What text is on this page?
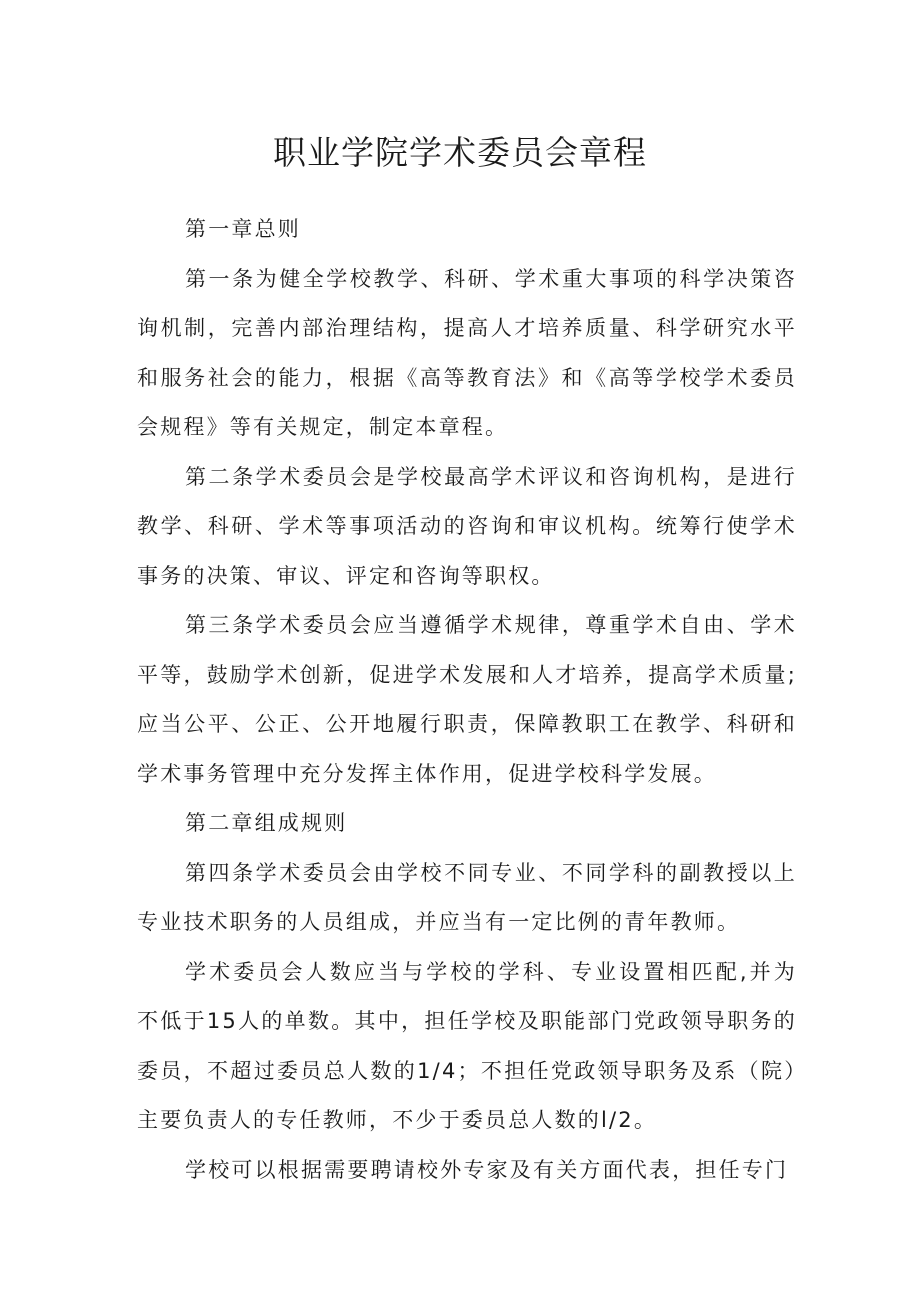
职业学院学术委员会章程

第一章总则

第一条为健全学校教学、科研、学术重大事项的科学决策咨询机制，完善内部治理结构，提高人才培养质量、科学研究水平和服务社会的能力，根据《高等教育法》和《高等学校学术委员会规程》等有关规定，制定本章程。

第二条学术委员会是学校最高学术评议和咨询机构，是进行教学、科研、学术等事项活动的咨询和审议机构。统筹行使学术事务的决策、审议、评定和咨询等职权。

第三条学术委员会应当遵循学术规律，尊重学术自由、学术平等，鼓励学术创新，促进学术发展和人才培养，提高学术质量;应当公平、公正、公开地履行职责，保障教职工在教学、科研和学术事务管理中充分发挥主体作用，促进学校科学发展。

第二章组成规则

第四条学术委员会由学校不同专业、不同学科的副教授以上专业技术职务的人员组成，并应当有一定比例的青年教师。

学术委员会人数应当与学校的学科、专业设置相匹配,并为不低于15人的单数。其中，担任学校及职能部门党政领导职务的委员，不超过委员总人数的1/4；不担任党政领导职务及系（院）主要负责人的专任教师，不少于委员总人数的l/2。

学校可以根据需要聘请校外专家及有关方面代表，担任专门
